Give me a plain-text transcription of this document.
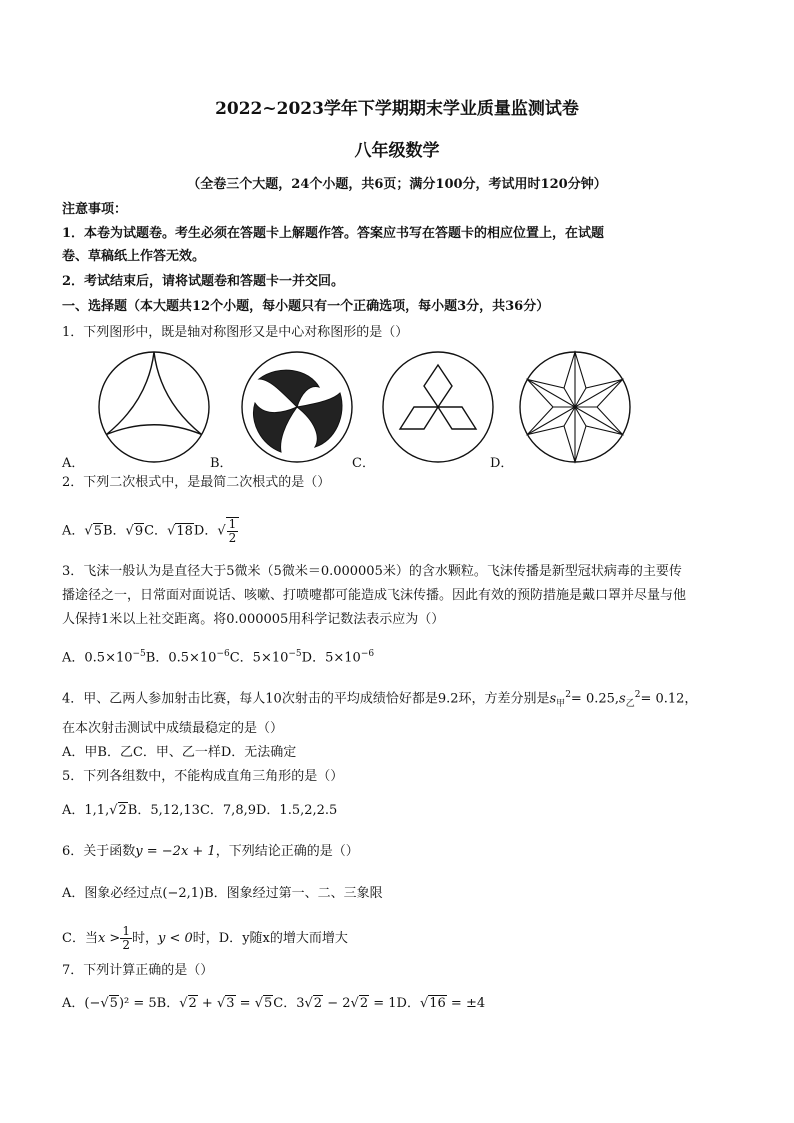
2022~2023学年下学期期末学业质量监测试卷
八年级数学
（全卷三个大题，24个小题，共6页；满分100分，考试用时120分钟）
注意事项：
1．本卷为试题卷。考生必须在答题卡上解题作答。答案应书写在答题卡的相应位置上，在试题
卷、草稿纸上作答无效。
2．考试结束后，请将试题卷和答题卡一并交回。
一、选择题（本大题共12个小题，每小题只有一个正确选项，每小题3分，共36分）
1．下列图形中，既是轴对称图形又是中心对称图形的是（）
A．	B．	C．	D．
2．下列二次根式中，是最简二次根式的是（）
A．√5B．√9C．√18D．√ $\frac{1}{2}$
3．飞沫一般认为是直径大于5微米（5微米＝0.000005米）的含水颗粒。飞沫传播是新型冠状病毒的主要传
播途径之一，日常面对面说话、咳嗽、打喷嚏都可能造成飞沫传播。因此有效的预防措施是戴口罩并尽量与他
人保持1米以上社交距离。将0.000005用科学记数法表示应为（）
A．$0.5\times 10^{-5}B$．$0.5\times 10^{-6}C$．$5\times 10^{-5}D$．$5\times 10^{-6}$
4．甲、乙两人参加射击比赛，每人10次射击的平均成绩恰好都是9.2环，方差分别是$s_甲^2= 0.25,s_乙^2= 0.12$，
在本次射击测试中成绩最稳定的是（）
A．甲B．乙C．甲、乙一样D．无法确定
5．下列各组数中，不能构成直角三角形的是（）
A．1,1,√2B．5,12,13C．7,8,9D．1.5,2,2.5
6．关于函数y = −2x + 1，下列结论正确的是（）
A．图象必经过点(−2,1)B．图象经过第一、二、三象限
C．当$x > \frac{1}{2}$ 时，y < 0时，D．y随x的增大而增大
7．下列计算正确的是（）
A．(−√5)² = 5B．√2 + √3 = √5C．3√2 − 2√2 = 1D．√16 = ±4
